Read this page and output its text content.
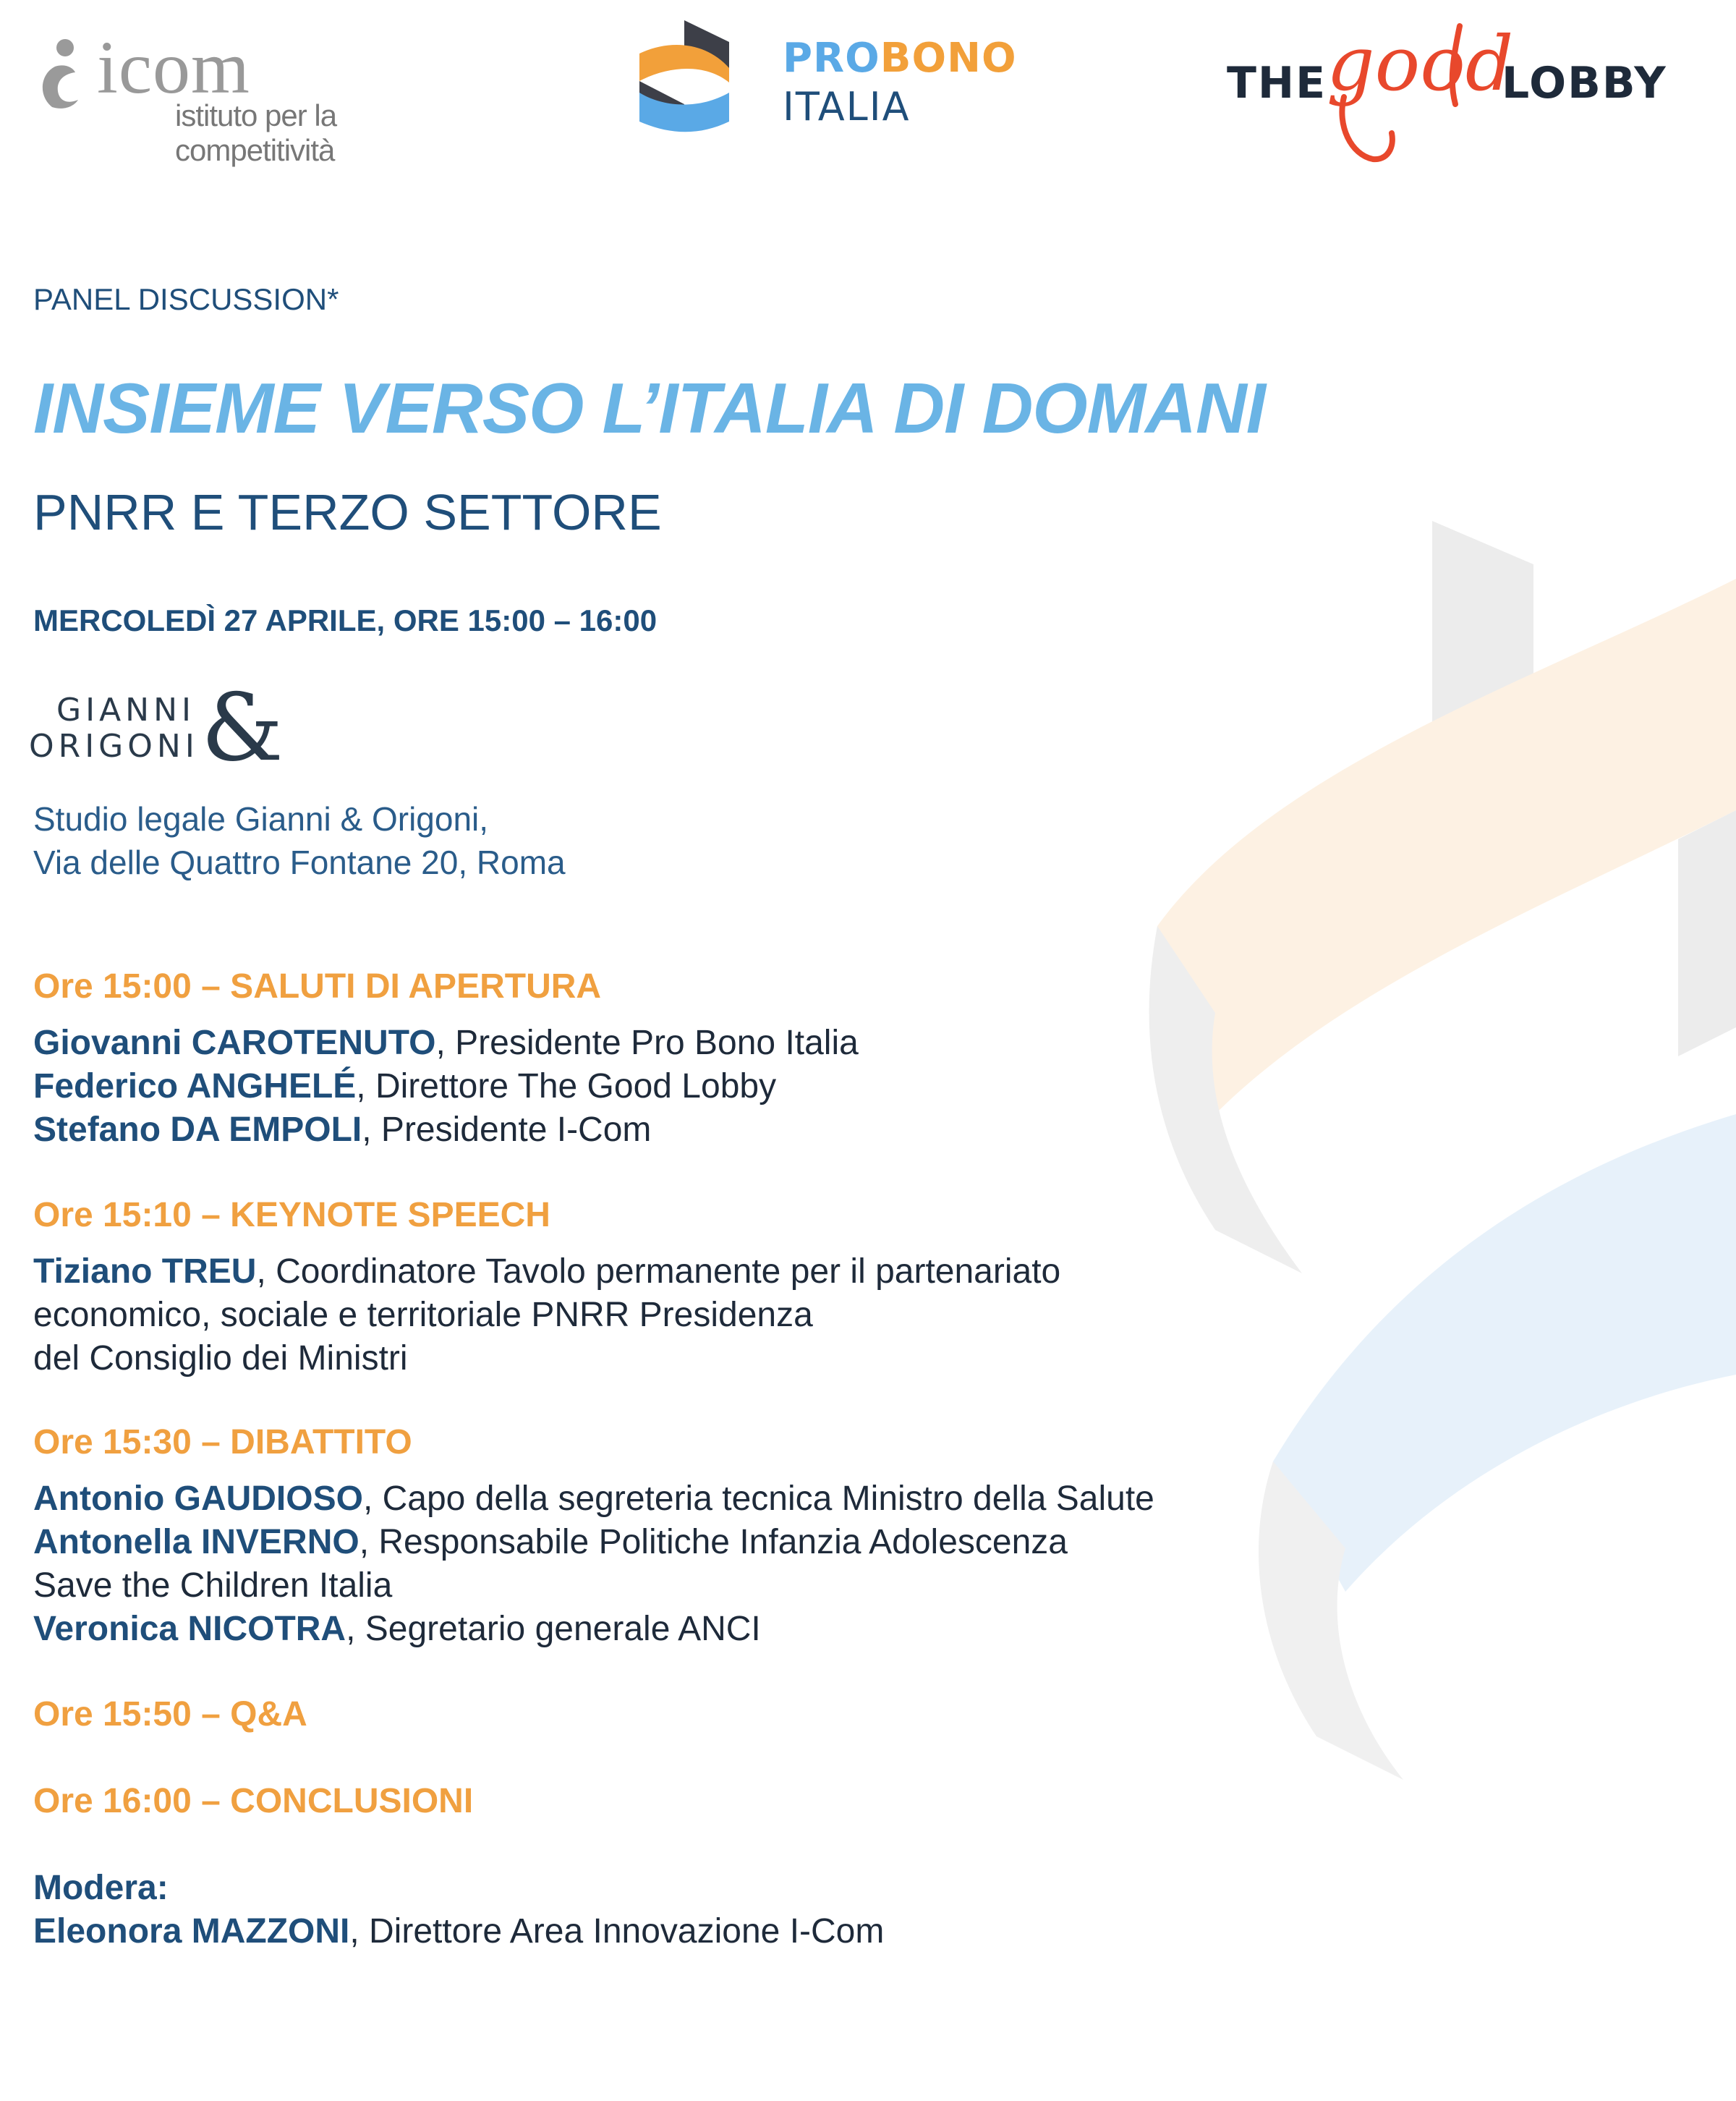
icom
istituto per la competitività
PROBONO
ITALIA	THE good
LOBBY
PANEL DISCUSSION*
INSIEME VERSO L’ITALIA DI DOMANI
PNRR E TERZO SETTORE
MERCOLEDÌ 27 APRILE, ORE 15:00 – 16:00
GIANNI
ORIGONI &
Studio legale Gianni & Origoni,
Via delle Quattro Fontane 20, Roma
Ore 15:00 – SALUTI DI APERTURA
Giovanni CAROTENUTO, Presidente Pro Bono Italia
Federico ANGHELÉ, Direttore The Good Lobby
Stefano DA EMPOLI, Presidente I-Com
Ore 15:10 – KEYNOTE SPEECH
Tiziano TREU, Coordinatore Tavolo permanente per il partenariato
economico, sociale e territoriale PNRR Presidenza
del Consiglio dei Ministri
Ore 15:30 – DIBATTITO
Antonio GAUDIOSO, Capo della segreteria tecnica Ministro della Salute
Antonella INVERNO, Responsabile Politiche Infanzia Adolescenza
Save the Children Italia
Veronica NICOTRA, Segretario generale ANCI
Ore 15:50 – Q&A
Ore 16:00 – CONCLUSIONI
Modera:
Eleonora MAZZONI, Direttore Area Innovazione I-Com
